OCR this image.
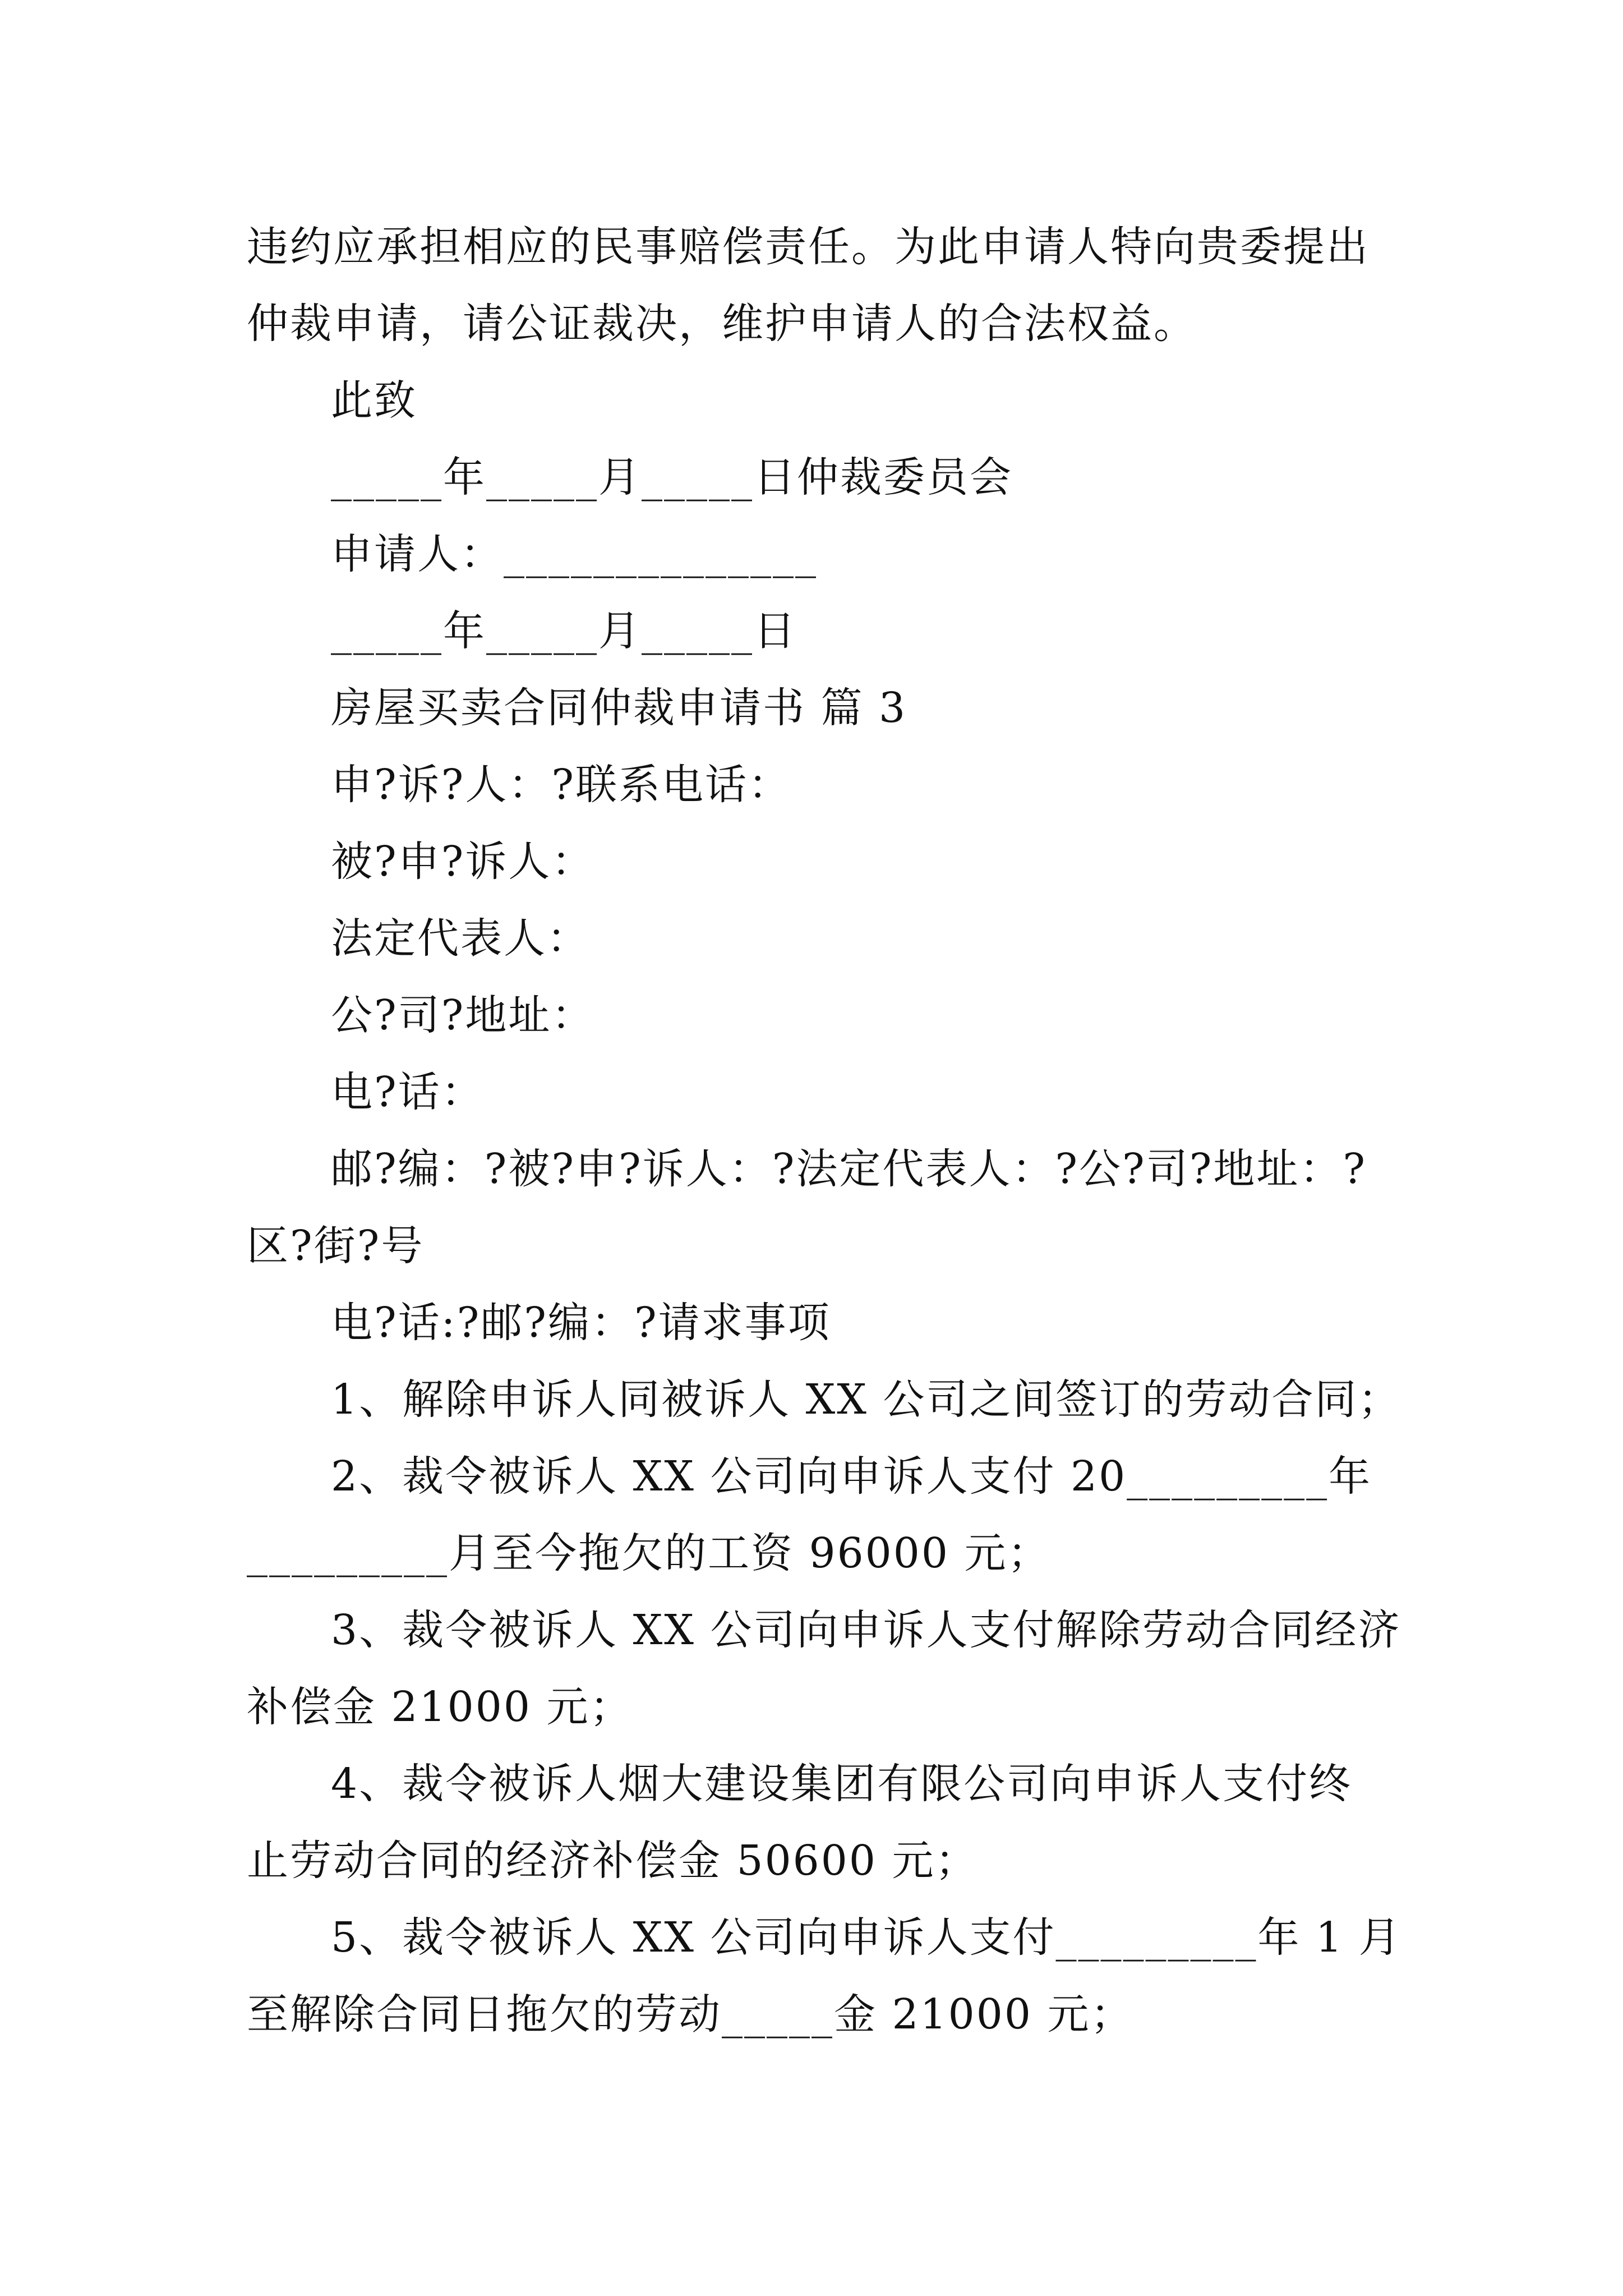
违约应承担相应的民事赔偿责任。为此申请人特向贵委提出
仲裁申请，请公证裁决，维护申请人的合法权益。
此致
_____年_____月_____日仲裁委员会
申请人：______________
_____年_____月_____日
房屋买卖合同仲裁申请书 篇 3
申?诉?人：?联系电话：
被?申?诉人：
法定代表人：
公?司?地址：
电?话：
邮?编：?被?申?诉人：?法定代表人：?公?司?地址：?
区?街?号
电?话:?邮?编：?请求事项
1、解除申诉人同被诉人 XX 公司之间签订的劳动合同；
2、裁令被诉人 XX 公司向申诉人支付 20_________年
_________月至今拖欠的工资 96000 元；
3、裁令被诉人 XX 公司向申诉人支付解除劳动合同经济
补偿金 21000 元；
4、裁令被诉人烟大建设集团有限公司向申诉人支付终
止劳动合同的经济补偿金 50600 元；
5、裁令被诉人 XX 公司向申诉人支付_________年 1 月
至解除合同日拖欠的劳动_____金 21000 元；
